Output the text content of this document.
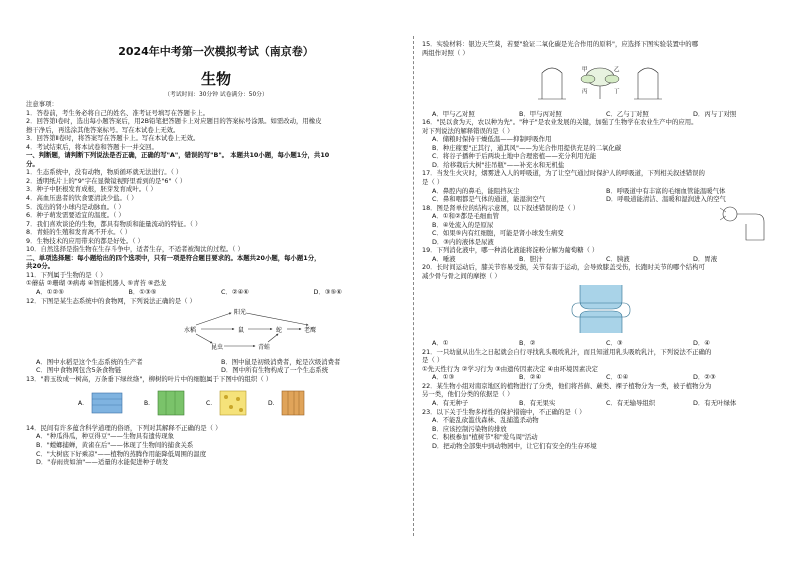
2024年中考第一次模拟考试（南京卷）
生物
（考试时间：30分钟 试卷满分：50分）
注意事项：
1．答卷前，考生务必将自己的姓名、准考证号填写在答题卡上。
2．回答第Ⅰ卷时，选出每小题答案后，用2B铅笔把答题卡上对应题目的答案标号涂黑。如需改动，用橡皮
擦干净后，再选涂其他答案标号。写在本试卷上无效。
3．回答第Ⅱ卷时，将答案写在答题卡上。写在本试卷上无效。
4．考试结束后，将本试卷和答题卡一并交回。
一、判断题，请判断下列说法是否正确，正确的写"A"，错误的写"B"。 本题共10小题，每小题1分，共10
分。
1．生态系统中，没有动物，物质循环就无法进行。（ ）
2．透明纸片上的"9"字在显微镜视野里看到的是"6"（ ）
3．种子中胚根发育成根，胚芽发育成叶。（ ）
4．高血压患者的饮食要清淡少盐。（ ）
5．流出的肾小球内是动脉血。（ ）
6．种子萌发需要适宜的温度。（ ）
7．我们喜欢谈论的生物，都具有物质和能量流动的特征。（ ）
8．青蛙的生殖和发育离不开水。（ ）
9．生物技术的应用带来的都是好处。（ ）
10．自然选择是指生物在生存斗争中，适者生存，不适者被淘汰的过程。（ ）
二、单项选择题：每小题给出的四个选项中，只有一项是符合题目要求的。本题共20小题，每小题1分，
共20分。
11．下列属于生物的是（ ）
①蘑菇 ②珊瑚 ③病毒 ④智能机器人 ⑤青苔 ⑥恐龙
A．①②⑤	B．①③⑤	C．②④⑥	D．③⑤⑥
12．下图是某生态系统中的食物网，下列说法正确的是（ ）
阳光
水稻	鼠	蛇	老鹰
昆虫	青蛙
A．图中水稻是这个生态系统的生产者	B．图中鼠是初级消费者，蛇是次级消费者
C．图中食物网包含5条食物链	D．图中所有生物构成了一个生态系统
13．"碧玉妆成一树高，万条垂下绿丝绦"，柳树的叶片中的细胞属于下图中的组织（ ）
A．	B．	C．	D．
14．民间有许多蕴含科学道理的俗语，下列对其解释不正确的是（ ）
A．"种瓜得瓜，种豆得豆"——生物具有遗传现象
B．"螳螂捕蝉，黄雀在后"——体现了生物间的捕食关系
C．"大树底下好乘凉"——植物的蒸腾作用能降低周围的温度
D．"春雨贵如油"——适量的水能促进种子萌发
15．实验材料：银边天竺葵，若要"验证二氧化碳是光合作用的原料"，应选择下图实验装置中的哪
两组作对照（ ）
甲	乙
丙	丁
A．甲与乙对照	B．甲与丙对照	C．乙与丁对照	D．丙与丁对照
16．"民以食为天，农以种为先"。"种子"是农业发展的关键，加强了生物学在农业生产中的应用。
对下列说法的解释错误的是（ ）
A．储粮时保持干燥低温——抑制呼吸作用
B．种庄稼要"正其行，通其风"——为光合作用提供充足的二氧化碳
C．将谷子播种于后两块土地中合理密植——充分利用光能
D．给移栽后大树"挂吊瓶"——补充水和无机盐
17．当发生火灾时，烟雾进入人的呼吸道，为了让空气通过时保护人的呼吸道，下列相关叙述错误的
是（ ）
A．鼻腔内的鼻毛，能阻挡灰尘	B．呼吸道中有丰富的毛细血管能温暖气体
C．鼻和咽都是气体的通道，能湿润空气	D．呼吸道能清洁、温暖和湿润进入的空气
18．图是肾单位的结构示意图，以下叙述错误的是（ ）
A．①和②都是毛细血管
B．④处流入的是原尿
C．如果⑤内有红细胞，可能是肾小球发生病变
D．③内的液体是尿液
19．下列消化液中，哪一种消化液能将淀粉分解为葡萄糖（ ）
A．唾液	B．胆汁	C．胰液	D．胃液
20．长时间运动后，膝关节容易受损，关节有害于运动，会导致膝盖受伤，长跑时关节的哪个结构可
减少骨与骨之间的摩擦（ ）
A．①	B．②	C．③	D．④
21．一只幼鼠从出生之日起就会自行寻找乳头吸吮乳汁，而且知道用乳头吸吮乳汁，下列说法不正确的
是（ ）
①先天性行为 ②学习行为 ③由遗传因素决定 ④由环境因素决定
A．①③	B．②④	C．①④	D．②③
22．某生物小组对南京地区的植物进行了分类，他们将苔藓、蕨类、裸子植物分为一类，被子植物分为
另一类，他们分类的依据是（ ）
A．有无种子	B．有无果实	C．有无输导组织	D．有无叶绿体
23．以下关于生物多样性的保护措施中，不正确的是（ ）
A．不能乱砍滥伐森林、乱捕滥杀动物
B．应该控制污染物的排放
C．积极参加"植树节"和"爱鸟周"活动
D．把动物全部集中到动物园中，让它们有安全的生存环境
